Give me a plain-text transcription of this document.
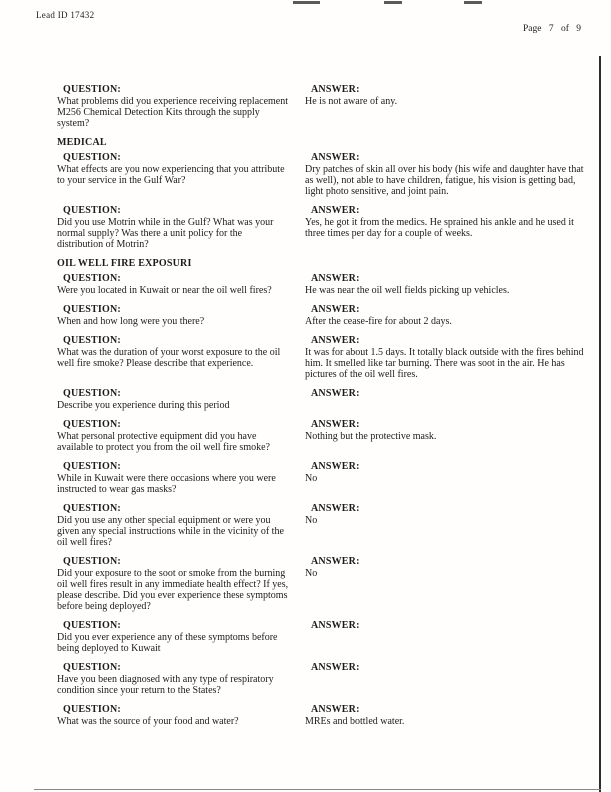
Lead ID 17432
Page 7 of 9
QUESTION:
What problems did you experience receiving replacement M256 Chemical Detection Kits through the supply system?
ANSWER:
He is not aware of any.
MEDICAL
QUESTION:
What effects are you now experiencing that you attribute to your service in the Gulf War?
ANSWER:
Dry patches of skin all over his body (his wife and daughter have that as well), not able to have children, fatigue, his vision is getting bad, light photo sensitive, and joint pain.
QUESTION:
Did you use Motrin while in the Gulf? What was your normal supply? Was there a unit policy for the distribution of Motrin?
ANSWER:
Yes, he got it from the medics. He sprained his ankle and he used it three times per day for a couple of weeks.
OIL WELL FIRE EXPOSURI
QUESTION:
Were you located in Kuwait or near the oil well fires?
ANSWER:
He was near the oil well fields picking up vehicles.
QUESTION:
When and how long were you there?
ANSWER:
After the cease-fire for about 2 days.
QUESTION:
What was the duration of your worst exposure to the oil well fire smoke? Please describe that experience.
ANSWER:
It was for about 1.5 days. It totally black outside with the fires behind him. It smelled like tar burning. There was soot in the air. He has pictures of the oil well fires.
QUESTION:
Describe you experience during this period
ANSWER:
QUESTION:
What personal protective equipment did you have available to protect you from the oil well fire smoke?
ANSWER:
Nothing but the protective mask.
QUESTION:
While in Kuwait were there occasions where you were instructed to wear gas masks?
ANSWER:
No
QUESTION:
Did you use any other special equipment or were you given any special instructions while in the vicinity of the oil well fires?
ANSWER:
No
QUESTION:
Did your exposure to the soot or smoke from the burning oil well fires result in any immediate health effect? If yes, please describe. Did you ever experience these symptoms before being deployed?
ANSWER:
No
QUESTION:
Did you ever experience any of these symptoms before being deployed to Kuwait
ANSWER:
QUESTION:
Have you been diagnosed with any type of respiratory condition since your return to the States?
ANSWER:
QUESTION:
What was the source of your food and water?
ANSWER:
MREs and bottled water.
